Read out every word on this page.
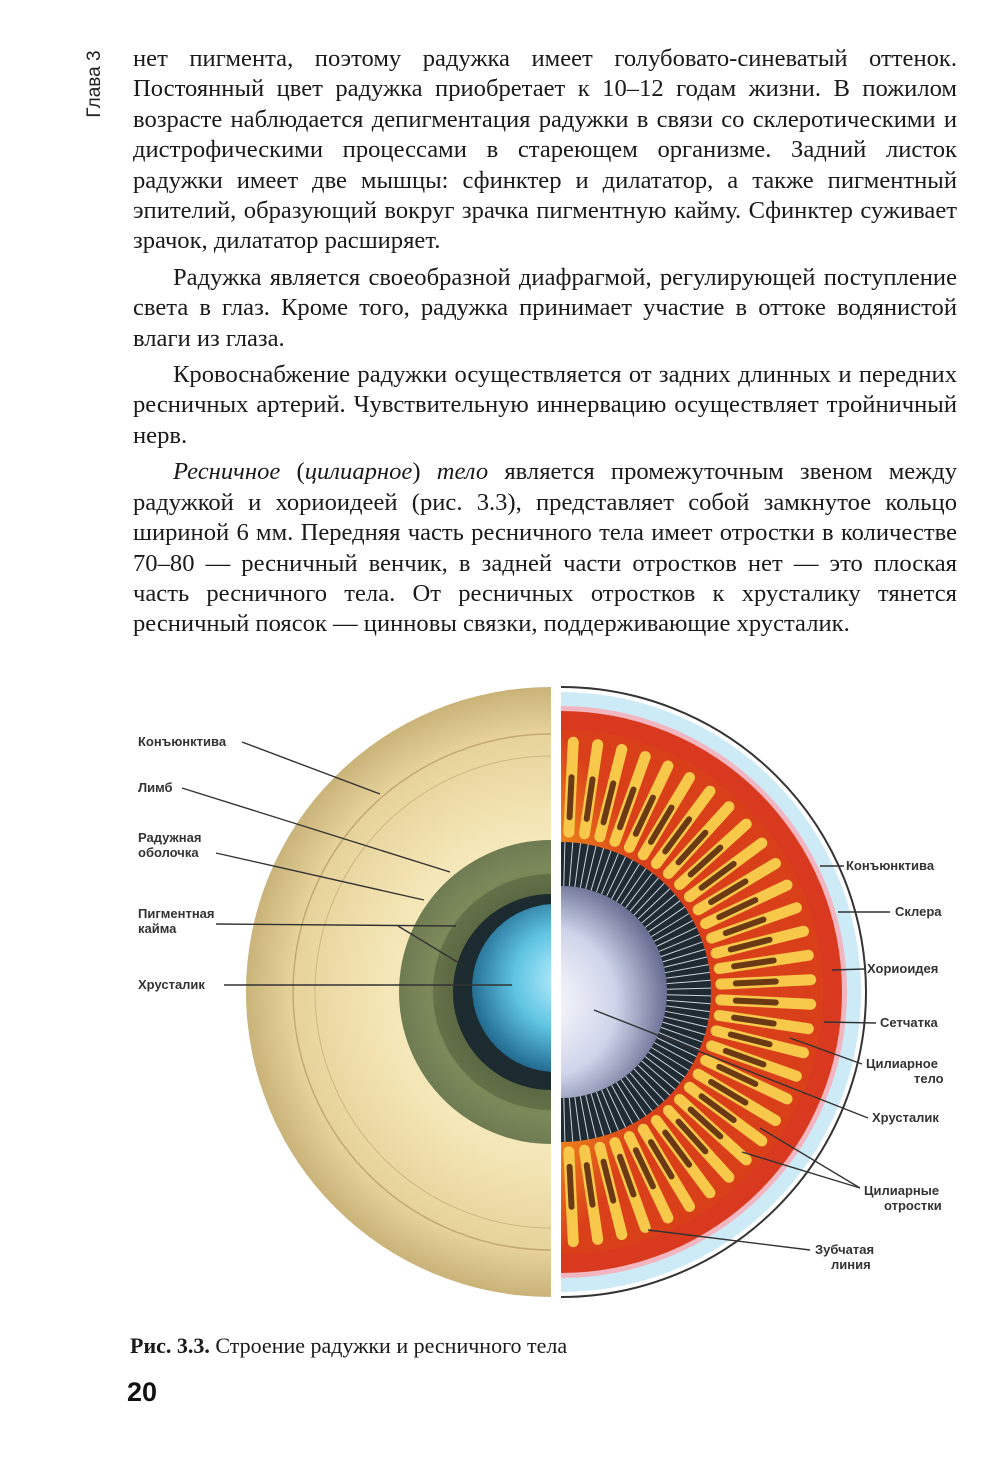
Глава 3 нет пигмента, поэтому радужка имеет голубовато-синеватый оттенок. Постоянный цвет радужка приобретает к 10–12 годам жизни. В пожилом возрасте наблюдается депигментация радужки в связи со склеротическими и дистрофическими процессами в стареющем организме. Задний листок радужки имеет две мышцы: сфинктер и дилататор, а также пигментный эпителий, образующий вокруг зрачка пигментную кайму. Сфинктер суживает зрачок, дилататор расширяет.

Радужка является своеобразной диафрагмой, регулирующей поступление света в глаз. Кроме того, радужка принимает участие в оттоке водянистой влаги из глаза.

Кровоснабжение радужки осуществляется от задних длинных и передних ресничных артерий. Чувствительную иннервацию осуществляет тройничный нерв.

Ресничное (цилиарное) тело является промежуточным звеном между радужкой и хориоидеей (рис. 3.3), представляет собой замкнутое кольцо шириной 6 мм. Передняя часть ресничного тела имеет отростки в количестве 70–80 — ресничный венчик, в задней части отростков нет — это плоская часть ресничного тела. От ресничных отростков к хрусталику тянется ресничный поясок — цинновы связки, поддерживающие хрусталик.

Конъюнктива
Лимб
Радужная
оболочка
Пигментная
кайма
Хрусталик
Конъюнктива
Склера
Хориоидея
Сетчатка
Цилиарное
тело
Хрусталик
Цилиарные
отростки
Зубчатая
линия
Рис. 3.3. Строение радужки и ресничного тела
20
